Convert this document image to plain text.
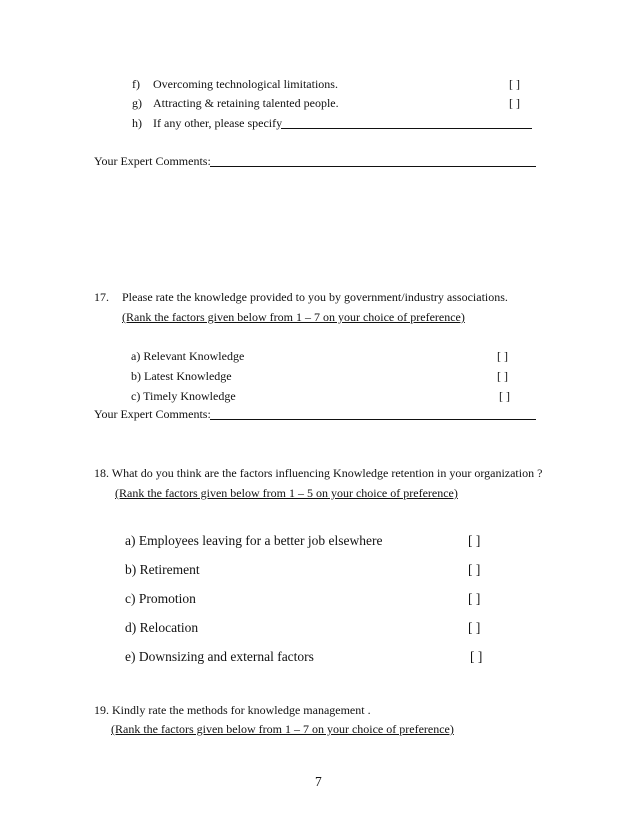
f) Overcoming technological limitations.	[ ]
g) Attracting & retaining talented people.	[ ]
h) If any other, please specify
Your Expert Comments:
17. Please rate the knowledge provided to you by government/industry associations.
(Rank the factors given below from 1 – 7 on your choice of preference)
a) Relevant Knowledge	[ ]
b) Latest Knowledge	[ ]
c) Timely Knowledge	[ ]
Your Expert Comments:
18. What do you think are the factors influencing Knowledge retention in your organization ?
(Rank the factors given below from 1 – 5 on your choice of preference)
a) Employees leaving for a better job elsewhere	[ ]
b) Retirement	[ ]
c) Promotion	[ ]
d) Relocation	[ ]
e) Downsizing and external factors	[ ]
19. Kindly rate the methods for knowledge management .
(Rank the factors given below from 1 – 7 on your choice of preference)
7
